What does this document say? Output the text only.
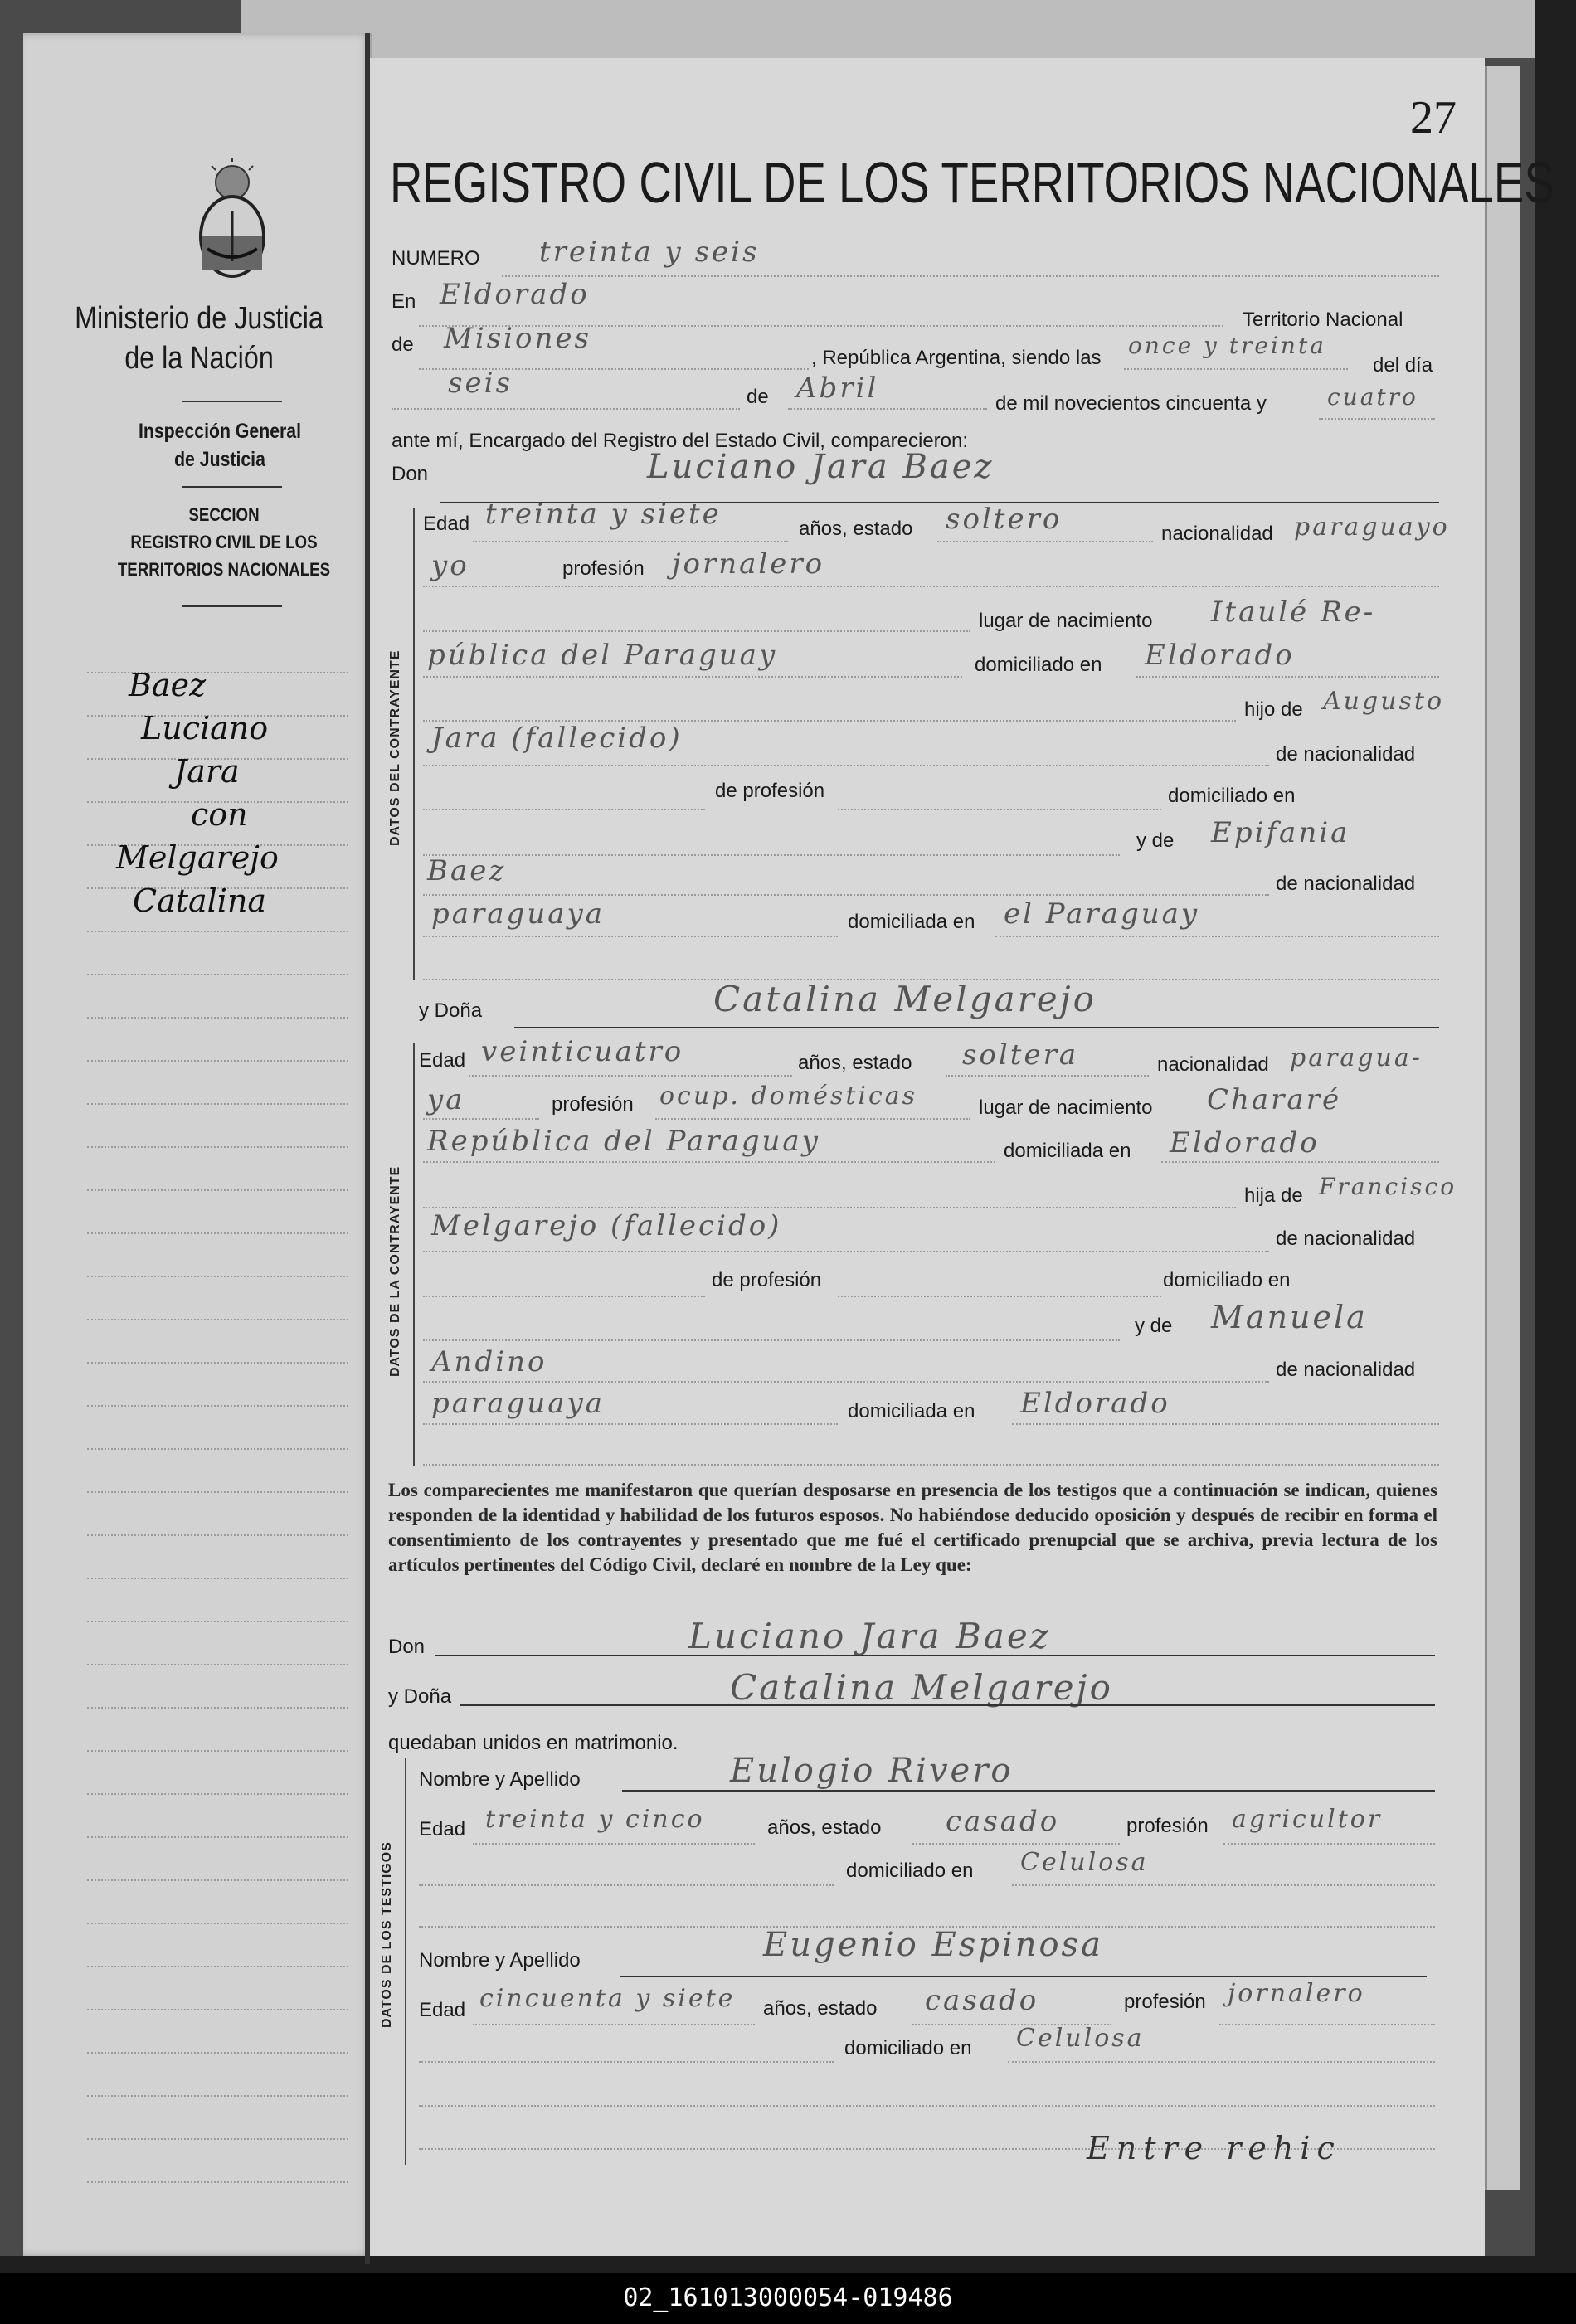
Ministerio de Justicia
de la Nación
Inspección General
de Justicia
SECCION
REGISTRO CIVIL DE LOS
TERRITORIOS NACIONALES
Baez
Luciano
Jara
con
Melgarejo
Catalina
27
REGISTRO CIVIL DE LOS TERRITORIOS NACIONALES
NUMERO treinta y seis
En Eldorado
Territorio Nacional
de Misiones
, República Argentina, siendo las once y treinta
del día
seis	de Abril	de mil novecientos cincuenta y	cuatro
ante mí, Encargado del Registro del Estado Civil, comparecieron:
Don	Luciano Jara Baez
DATOS DEL CONTRAYENTE
Edad treinta y siete	años, estado soltero	nacionalidad paraguayo
yo	profesión jornalero
lugar de nacimiento Itaulé Re-
pública del Paraguay	domiciliado en Eldorado
hijo de Augusto
Jara (fallecido)	de nacionalidad
de profesión	domiciliado en
y de Epifania
Baez	de nacionalidad
paraguaya	domiciliada en el Paraguay
y Doña	Catalina Melgarejo
DATOS DE LA CONTRAYENTE
Edad veinticuatro	años, estado soltera	nacionalidad paragua-
ya	profesión ocup. domésticas	lugar de nacimiento Chararé
República del Paraguay	domiciliada en Eldorado
hija de Francisco
Melgarejo (fallecido)	de nacionalidad
de profesión	domiciliado en
y de Manuela
Andino	de nacionalidad
paraguaya	domiciliada en Eldorado
Los comparecientes me manifestaron que querían desposarse en presencia de los testigos que a continuación se indican, quienes responden de la identidad y habilidad de los futuros esposos. No habiéndose deducido oposición y después de recibir en forma el consentimiento de los contrayentes y presentado que me fué el certificado prenupcial que se archiva, previa lectura de los artículos pertinentes del Código Civil, declaré en nombre de la Ley que:
Don	Luciano Jara Baez
y Doña	Catalina Melgarejo
quedaban unidos en matrimonio.
DATOS DE LOS TESTIGOS
Nombre y Apellido	Eulogio Rivero
Edad treinta y cinco	años, estado casado	profesión agricultor
domiciliado en Celulosa
Nombre y Apellido	Eugenio Espinosa
Edad cincuenta y siete años, estado casado	profesión jornalero
domiciliado en Celulosa
Entre rehic
02_161013000054-019486
